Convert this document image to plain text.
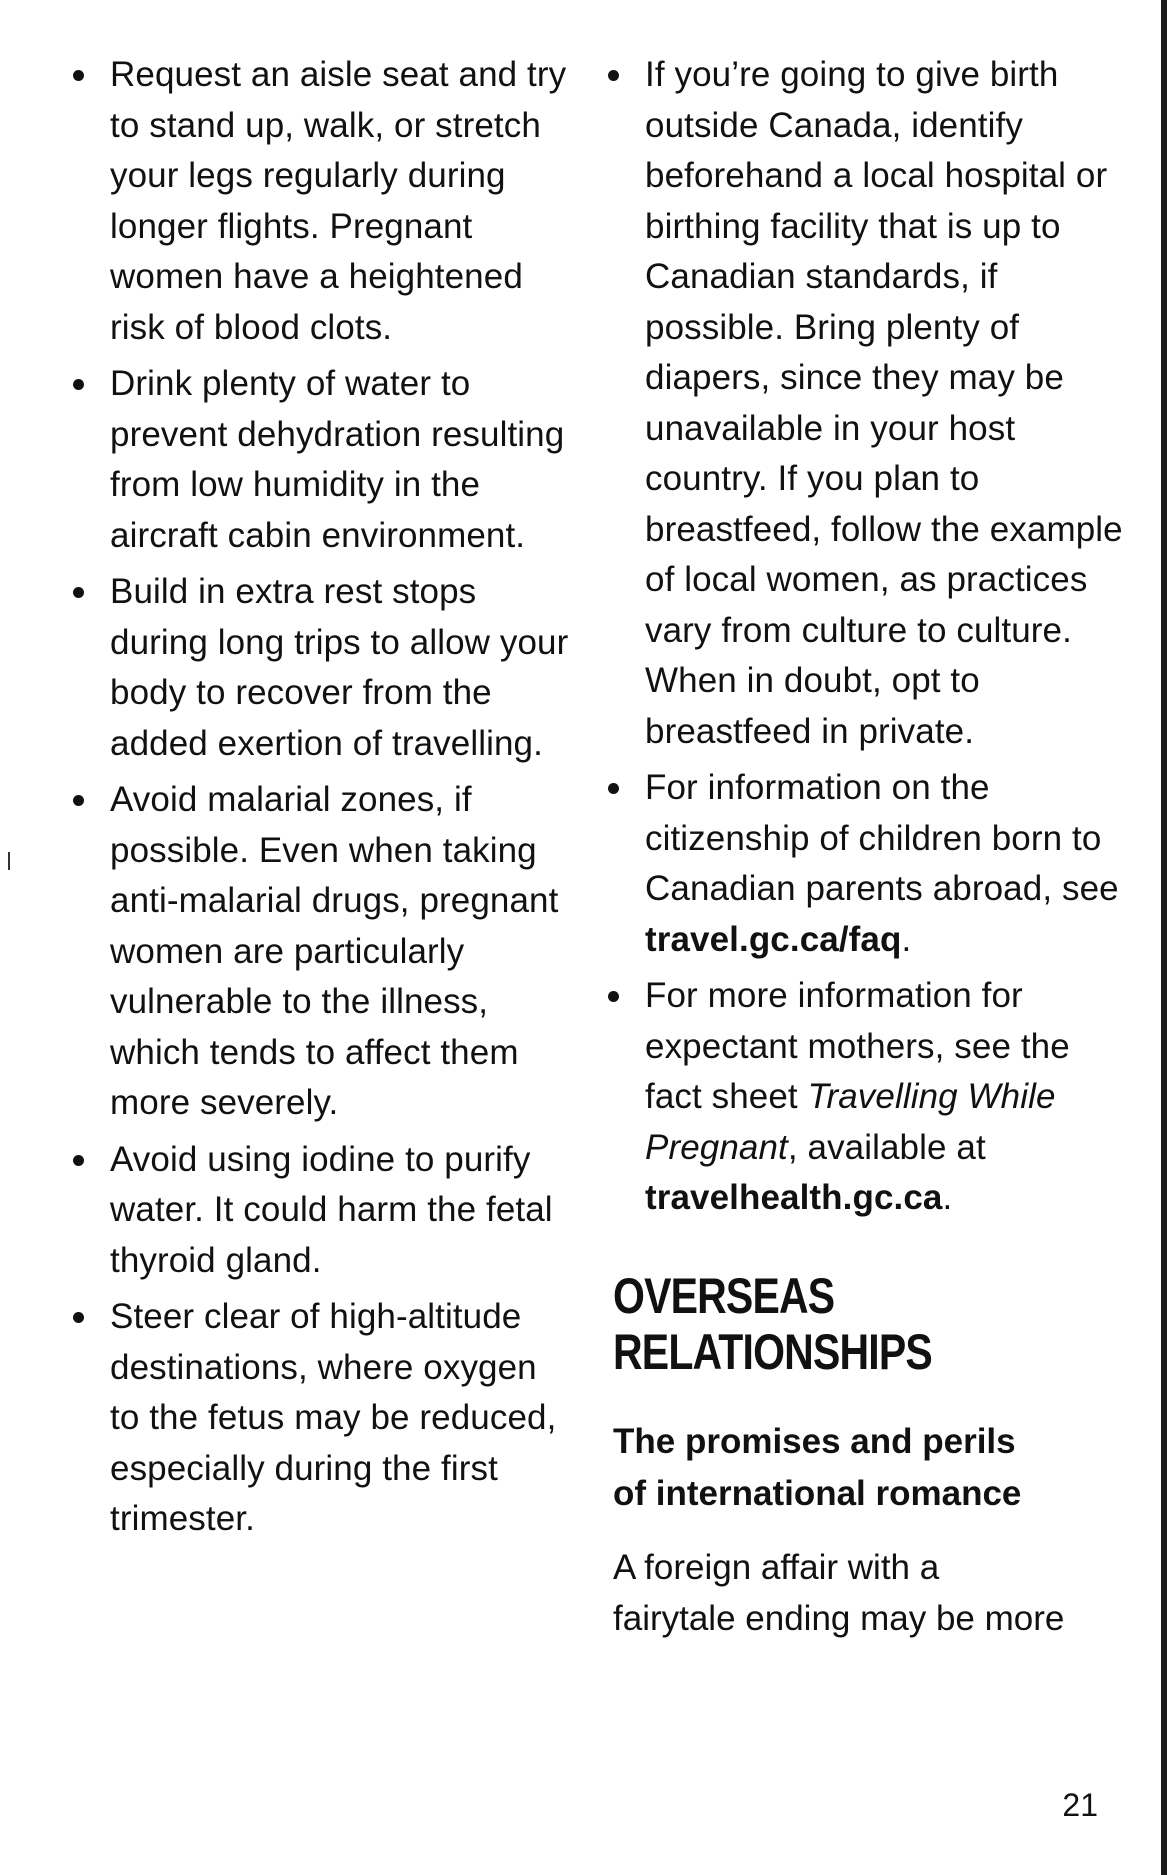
Request an aisle seat and try to stand up, walk, or stretch your legs regularly during longer flights. Pregnant women have a heightened risk of blood clots.
Drink plenty of water to prevent dehydration resulting from low humidity in the aircraft cabin environment.
Build in extra rest stops during long trips to allow your body to recover from the added exertion of travelling.
Avoid malarial zones, if possible. Even when taking anti-malarial drugs, pregnant women are particularly vulnerable to the illness, which tends to affect them more severely.
Avoid using iodine to purify water. It could harm the fetal thyroid gland.
Steer clear of high-altitude destinations, where oxygen to the fetus may be reduced, especially during the first trimester.
If you’re going to give birth outside Canada, identify beforehand a local hospital or birthing facility that is up to Canadian standards, if possible. Bring plenty of diapers, since they may be unavailable in your host country. If you plan to breastfeed, follow the example of local women, as practices vary from culture to culture. When in doubt, opt to breastfeed in private.
For information on the citizenship of children born to Canadian parents abroad, see travel.gc.ca/faq.
For more information for expectant mothers, see the fact sheet Travelling While Pregnant, available at travelhealth.gc.ca.
OVERSEAS
RELATIONSHIPS
The promises and perils
of international romance
A foreign affair with a
fairytale ending may be more
21
